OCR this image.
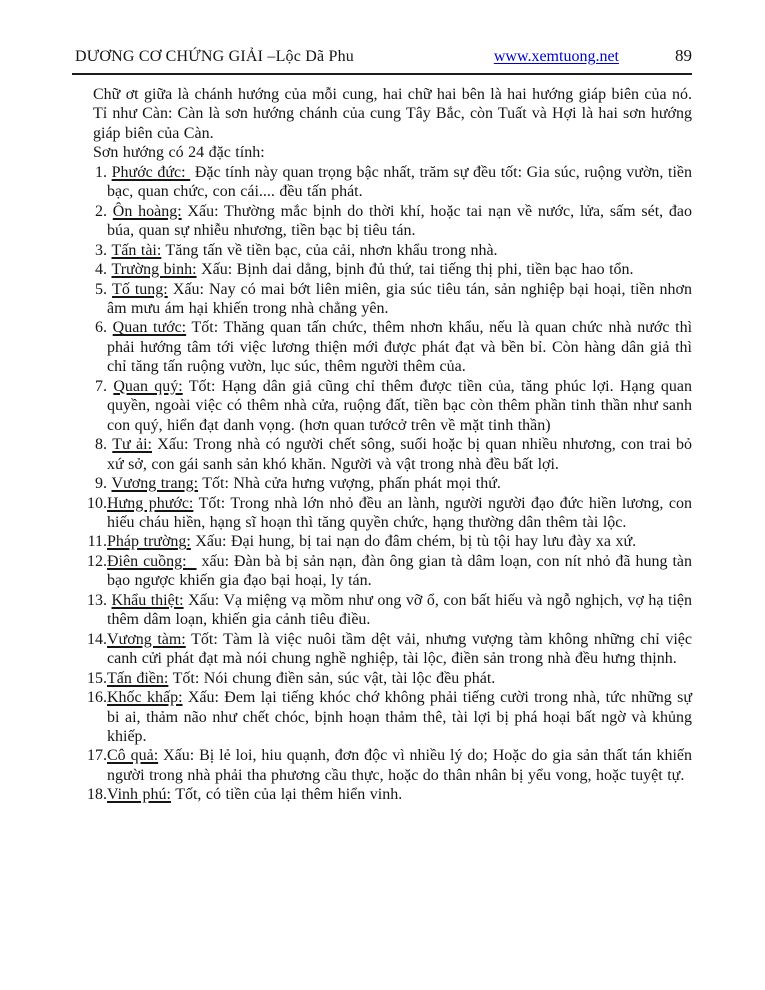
DƯƠNG CƠ CHỨNG GIẢI –Lộc Dã Phu	www.xemtuong.net	89
Chữ ơt giữa là chánh hướng của mỗi cung, hai chữ hai bên là hai hướng giáp biên của nó. Tỉ như Càn: Càn là sơn hướng chánh của cung Tây Bắc, còn Tuất và Hợi là hai sơn hướng giáp biên của Càn.
Sơn hướng có 24 đặc tính:
1. Phước đức:  Đặc tính này quan trọng bậc nhất, trăm sự đều tốt: Gia súc, ruộng vườn, tiền bạc, quan chức, con cái.... đều tấn phát.
2. Ôn hoàng: Xấu: Thường mắc bịnh do thời khí, hoặc tai nạn về nước, lửa, sấm sét, đao búa, quan sự nhiễu nhương, tiền bạc bị tiêu tán.
3. Tấn tài: Tăng tấn về tiền bạc, của cải, nhơn khẩu trong nhà.
4. Trường binh: Xấu: Bịnh dai dẳng, bịnh đủ thứ, tai tiếng thị phi, tiền bạc hao tổn.
5. Tố tung: Xấu: Nay có mai bớt liên miên, gia súc tiêu tán, sản nghiệp bại hoại, tiền nhơn âm mưu ám hại khiến trong nhà chẳng yên.
6. Quan tước: Tốt: Thăng quan tấn chức, thêm nhơn khẩu, nếu là quan chức nhà nước thì phải hướng tâm tới việc lương thiện mới được phát đạt và bền bỉ. Còn hàng dân giả thì chỉ tăng tấn ruộng vườn, lục súc, thêm người thêm của.
7. Quan quý: Tốt: Hạng dân giả cũng chỉ thêm được tiền của, tăng phúc lợi. Hạng quan quyền, ngoài việc có thêm nhà cửa, ruộng đất, tiền bạc còn thêm phần tinh thần như sanh con quý, hiển đạt danh vọng. (hơn quan tướcở trên về mặt tinh thần)
8. Tư ải: Xấu: Trong nhà có người chết sông, suối hoặc bị quan nhiều nhương, con trai bỏ xứ sở, con gái sanh sản khó khăn. Người và vật trong nhà đều bất lợi.
9. Vương trang: Tốt: Nhà cửa hưng vượng, phấn phát mọi thứ.
10. Hưng phước: Tốt: Trong nhà lớn nhỏ đều an lành, người người đạo đức hiền lương, con hiếu cháu hiền, hạng sĩ hoạn thì tăng quyền chức, hạng thường dân thêm tài lộc.
11. Pháp trường: Xấu: Đại hung, bị tai nạn do đâm chém, bị tù tội hay lưu đày xa xứ.
12. Điên cuồng:   xấu: Đàn bà bị sản nạn, đàn ông gian tà dâm loạn, con nít nhỏ đã hung tàn bạo ngược khiến gia đạo bại hoại, ly tán.
13. Khẩu thiệt: Xấu: Vạ miệng vạ mồm như ong vỡ ổ, con bất hiếu và ngỗ nghịch, vợ hạ tiện thêm dâm loạn, khiến gia cảnh tiêu điều.
14. Vương tàm: Tốt: Tàm là việc nuôi tầm dệt vải, nhưng vượng tàm không những chỉ việc canh cửi phát đạt mà nói chung nghề nghiệp, tài lộc, điền sản trong nhà đều hưng thịnh.
15. Tấn điền: Tốt: Nói chung điền sản, súc vật, tài lộc đều phát.
16. Khốc khấp: Xấu: Đem lại tiếng khóc chớ không phải tiếng cười trong nhà, tức những sự bi ai, thảm não như chết chóc, bịnh hoạn thảm thê, tài lợi bị phá hoại bất ngờ và khủng khiếp.
17. Cô quả: Xấu: Bị lẻ loi, hiu quạnh, đơn độc vì nhiều lý do; Hoặc do gia sản thất tán khiến người trong nhà phải tha phương cầu thực, hoặc do thân nhân bị yểu vong, hoặc tuyệt tự.
18. Vinh phú: Tốt, có tiền của lại thêm hiển vinh.
